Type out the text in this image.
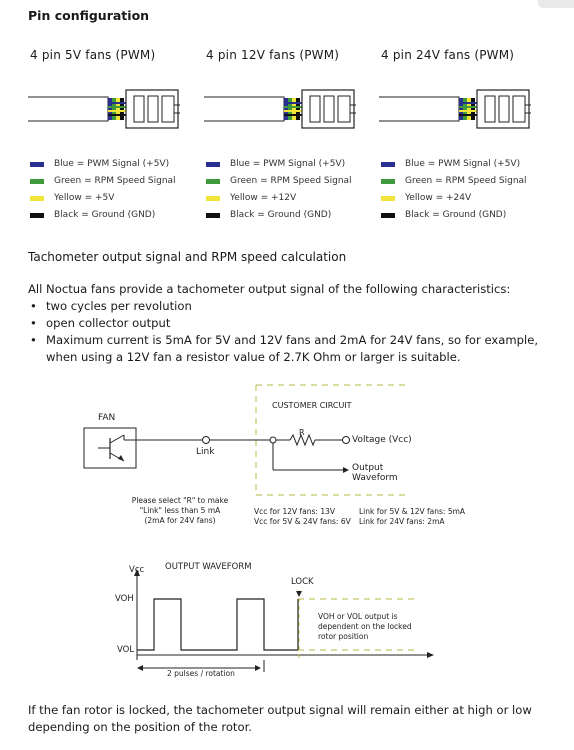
Pin configuration
4 pin 5V fans (PWM)
Blue = PWM Signal (+5V)
Green = RPM Speed Signal
Yellow = +5V
Black = Ground (GND)
4 pin 12V fans (PWM)
Blue = PWM Signal (+5V)
Green = RPM Speed Signal
Yellow = +12V
Black = Ground (GND)
4 pin 24V fans (PWM)
Blue = PWM Signal (+5V)
Green = RPM Speed Signal
Yellow = +24V
Black = Ground (GND)
Tachometer output signal and RPM speed calculation
All Noctua fans provide a tachometer output signal of the following characteristics:
• two cycles per revolution
• open collector output
• Maximum current is 5mA for 5V and 12V fans and 2mA for 24V fans, so for example, when using a 12V fan a resistor value of 2.7K Ohm or larger is suitable.
FAN
CUSTOMER CIRCUIT
R
Link
Voltage (Vcc)
Output
Waveform
Please select "R" to make
"Link" less than 5 mA
(2mA for 24V fans)
Vcc for 12V fans: 13V
Vcc for 5V & 24V fans: 6V
Link for 5V & 12V fans: 5mA
Link for 24V fans: 2mA
Vcc OUTPUT WAVEFORM
VOH
VOL
LOCK
VOH or VOL output is
dependent on the locked
rotor position
2 pulses / rotation
If the fan rotor is locked, the tachometer output signal will remain either at high or low depending on the position of the rotor.
